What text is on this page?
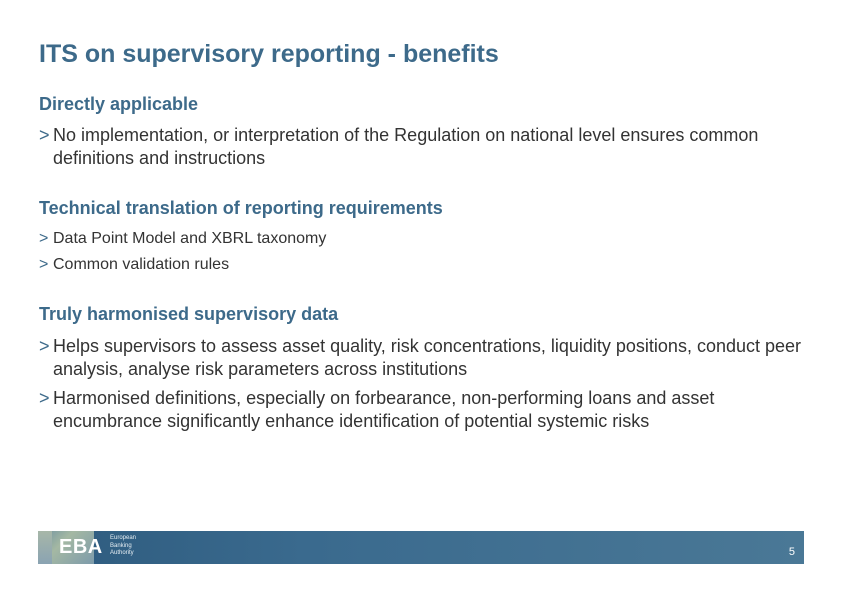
ITS on supervisory reporting - benefits
Directly applicable
> No implementation, or interpretation of the Regulation on national level ensures common definitions and instructions
Technical translation of reporting requirements
> Data Point Model and XBRL taxonomy
> Common validation rules
Truly harmonised supervisory data
> Helps supervisors to assess asset quality, risk concentrations, liquidity positions, conduct peer analysis, analyse risk parameters across institutions
> Harmonised definitions, especially on forbearance, non-performing loans and asset encumbrance significantly enhance identification of potential systemic risks
EBA European
Banking
Authority	5
